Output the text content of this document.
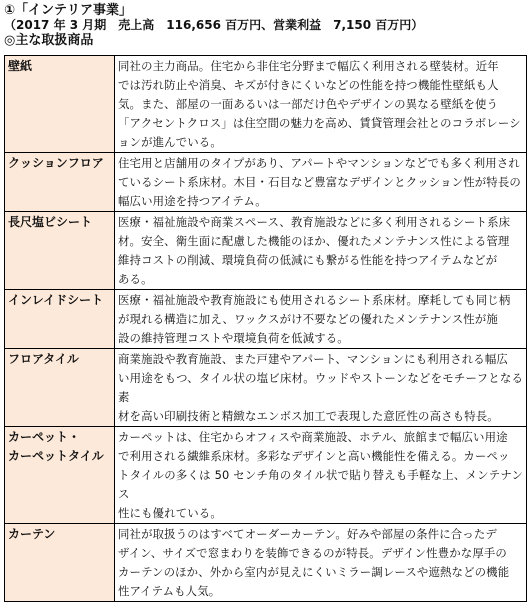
①「インテリア事業」
（2017 年 3 月期　売上高　116,656 百万円、営業利益　7,150 百万円）
◎主な取扱商品
壁紙	同社の主力商品。住宅から非住宅分野まで幅広く利用される壁装材。近年
では汚れ防止や消臭、キズが付きにくいなどの性能を持つ機能性壁紙も人
気。また、部屋の一面あるいは一部だけ色やデザインの異なる壁紙を使う
「アクセントクロス」は住空間の魅力を高め、賃貸管理会社とのコラボレーシ
ョンが進んでいる。

クッションフロア	住宅用と店舗用のタイプがあり、アパートやマンションなどでも多く利用され
ているシート系床材。木目・石目など豊富なデザインとクッション性が特長の
幅広い用途を持つアイテム。

長尺塩ビシート	医療・福祉施設や商業スペース、教育施設などに多く利用されるシート系床
材。安全、衛生面に配慮した機能のほか、優れたメンテナンス性による管理
維持コストの削減、環境負荷の低減にも繋がる性能を持つアイテムなどが
ある。

インレイドシート	医療・福祉施設や教育施設にも使用されるシート系床材。摩耗しても同じ柄
が現れる構造に加え、ワックスがけ不要などの優れたメンテナンス性が施
設の維持管理コストや環境負荷を低減する。

フロアタイル	商業施設や教育施設、また戸建やアパート、マンションにも利用される幅広
い用途をもつ、タイル状の塩ビ床材。ウッドやストーンなどをモチーフとなる素
材を高い印刷技術と精緻なエンボス加工で表現した意匠性の高さも特長。

カーペット・
カーペットタイル	カーペットは、住宅からオフィスや商業施設、ホテル、旅館まで幅広い用途
で利用される繊維系床材。多彩なデザインと高い機能性を備える。カーペッ
トタイルの多くは 50 センチ角のタイル状で貼り替えも手軽な上、メンテナンス
性にも優れている。

カーテン	同社が取扱うのはすべてオーダーカーテン。好みや部屋の条件に合ったデ
ザイン、サイズで窓まわりを装飾できるのが特長。デザイン性豊かな厚手の
カーテンのほか、外から室内が見えにくいミラー調レースや遮熱などの機能
性アイテムも人気。
